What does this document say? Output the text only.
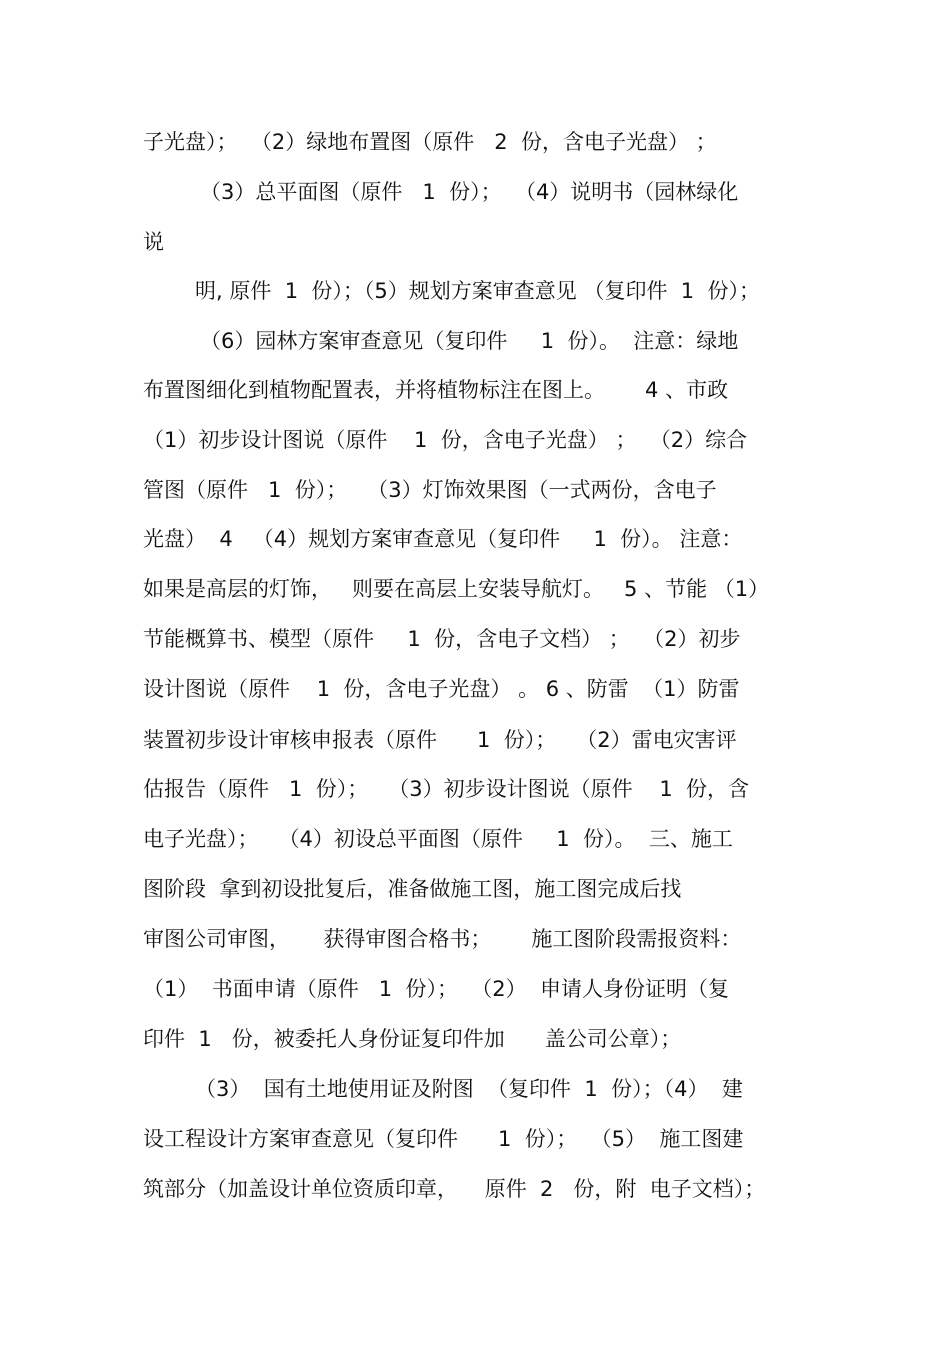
子光盘）；  （2）绿地布置图（原件   2  份，含电子光盘） ；
（3）总平面图（原件   1  份）；  （4）说明书（园林绿化
说
明, 原件  1  份）；（5）规划方案审查意见 （复印件  1  份）；
（6）园林方案审查意见（复印件     1  份）。  注意：绿地
布置图细化到植物配置表，并将植物标注在图上。      4 、市政
（1）初步设计图说（原件    1  份，含电子光盘） ；  （2）综合
管图（原件   1  份）；   （3）灯饰效果图（一式两份，含电子
光盘）  4   （4）规划方案审查意见（复印件     1  份）。 注意：
如果是高层的灯饰，   则要在高层上安装导航灯。   5 、节能 （1）
节能概算书、模型（原件     1  份，含电子文档） ；  （2）初步
设计图说（原件    1  份，含电子光盘） 。 6 、防雷  （1）防雷
装置初步设计审核申报表（原件      1  份）；   （2）雷电灾害评
估报告（原件   1  份）；   （3）初步设计图说（原件    1  份，含
电子光盘）；   （4）初设总平面图（原件     1  份）。  三、施工
图阶段  拿到初设批复后，准备做施工图，施工图完成后找
审图公司审图，     获得审图合格书；      施工图阶段需报资料：
（1）  书面申请（原件   1  份）；  （2）  申请人身份证明（复
印件  1   份，被委托人身份证复印件加      盖公司公章）；
（3）  国有土地使用证及附图  （复印件  1  份）；（4）  建
设工程设计方案审查意见（复印件      1  份）；  （5）  施工图建
筑部分（加盖设计单位资质印章，    原件  2   份，附  电子文档）；
